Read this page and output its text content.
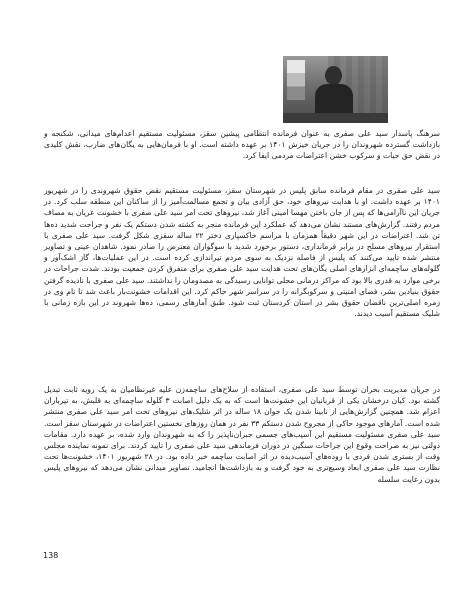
سرهنگ پاسدار سید علی صفری به عنوان فرمانده انتظامی پیشین سقز، مسئولیت مستقیم اعدام‌های میدانی، شکنجه و بازداشت گسترده شهروندان را در جریان خیزش ۱۴۰۱ بر عهده داشته است. او با فرمان‌هایی به یگان‌های ضارب، نقش کلیدی در نقض حق حیات و سرکوب خشن اعتراضات مردمی ایفا کرد.

سید علی صفری در مقام فرمانده سابق پلیس در شهرستان سقز، مسئولیت مستقیم نقض حقوق شهروندی را در شهریور ۱۴۰۱ بر عهده داشت. او با هدایت نیروهای خود، حق آزادی بیان و تجمع مسالمت‌آمیز را از ساکنان این منطقه سلب کرد. در جریان این ناآرامی‌ها که پس از جان باختن مهسا امینی آغاز شد، نیروهای تحت امر سید علی صفری با خشونت عریان به مصاف مردم رفتند. گزارش‌های مستند نشان می‌دهد که عملکرد این فرمانده منجر به کشته شدن دستکم یک نفر و جراحت شدید ده‌ها تن شد. اعتراضات در این شهر دقیقاً همزمان با مراسم خاکسپاری دختر ۲۲ ساله سقزی شکل گرفت. سید علی صفری با استقرار نیروهای مسلح در برابر فرمانداری، دستور برخورد شدید با سوگواران معترض را صادر نمود. شاهدان عینی و تصاویر منتشر شده تایید می‌کنند که پلیس از فاصله نزدیک به سوی مردم تیراندازی کرده است. در این عملیات‌ها، گاز اشک‌آور و گلوله‌های ساچمه‌ای ابزارهای اصلی یگان‌های تحت هدایت سید علی صفری برای متفرق کردن جمعیت بودند. شدت جراحات در برخی موارد به قدری بالا بود که مراکز درمانی محلی توانایی رسیدگی به مصدومان را نداشتند. سید علی صفری با نادیده گرفتن حقوق بنیادین بشر، فضای امنیتی و سرکوبگرانه را در سراسر شهر حاکم کرد. این اقدامات خشونت‌بار باعث شد تا نام وی در زمره اصلی‌ترین ناقضان حقوق بشر در استان کردستان ثبت شود. طبق آمارهای رسمی، ده‌ها شهروند در این بازه زمانی با شلیک مستقیم آسیب دیدند.

در جریان مدیریت بحران توسط سید علی صفری، استفاده از سلاح‌های ساچمه‌زن علیه غیرنظامیان به یک رویه ثابت تبدیل گشته بود. کیان درخشان یکی از قربانیان این خشونت‌ها است که به یک دلیل اصابت ۳ گلوله ساچمه‌ای به قلبش، به تیرباران اعزام شد. همچنین گزارش‌هایی از نابینا شدن یک جوان ۱۸ ساله در اثر شلیک‌های نیروهای تحت امر سید علی صفری منتشر شده است. آمارهای موجود حاکی از مجروح شدن دستکم ۳۳ نفر در همان روزهای نخستین اعتراضات در شهرستان سقز است. سید علی صفری مسئولیت مستقیم این آسیب‌های جسمی جبران‌ناپذیر را که به شهروندان وارد شده، بر عهده دارد. مقامات دولتی نیز به صراحت وقوع این جراحات سنگین در دوران فرماندهی سید علی صفری را تایید کردند. برای نمونه نماینده مجلس وقت از بستری شدن فردی با روده‌های آسیب‌دیده در اثر اصابت ساچمه خبر داده بود. در ۲۸ شهریور ۱۴۰۱، خشونت‌ها تحت نظارت سید علی صفری ابعاد وسیع‌تری به خود گرفت و به بازداشت‌ها انجامید. تصاویر میدانی نشان می‌دهد که نیروهای پلیس بدون رعایت سلسله

138
